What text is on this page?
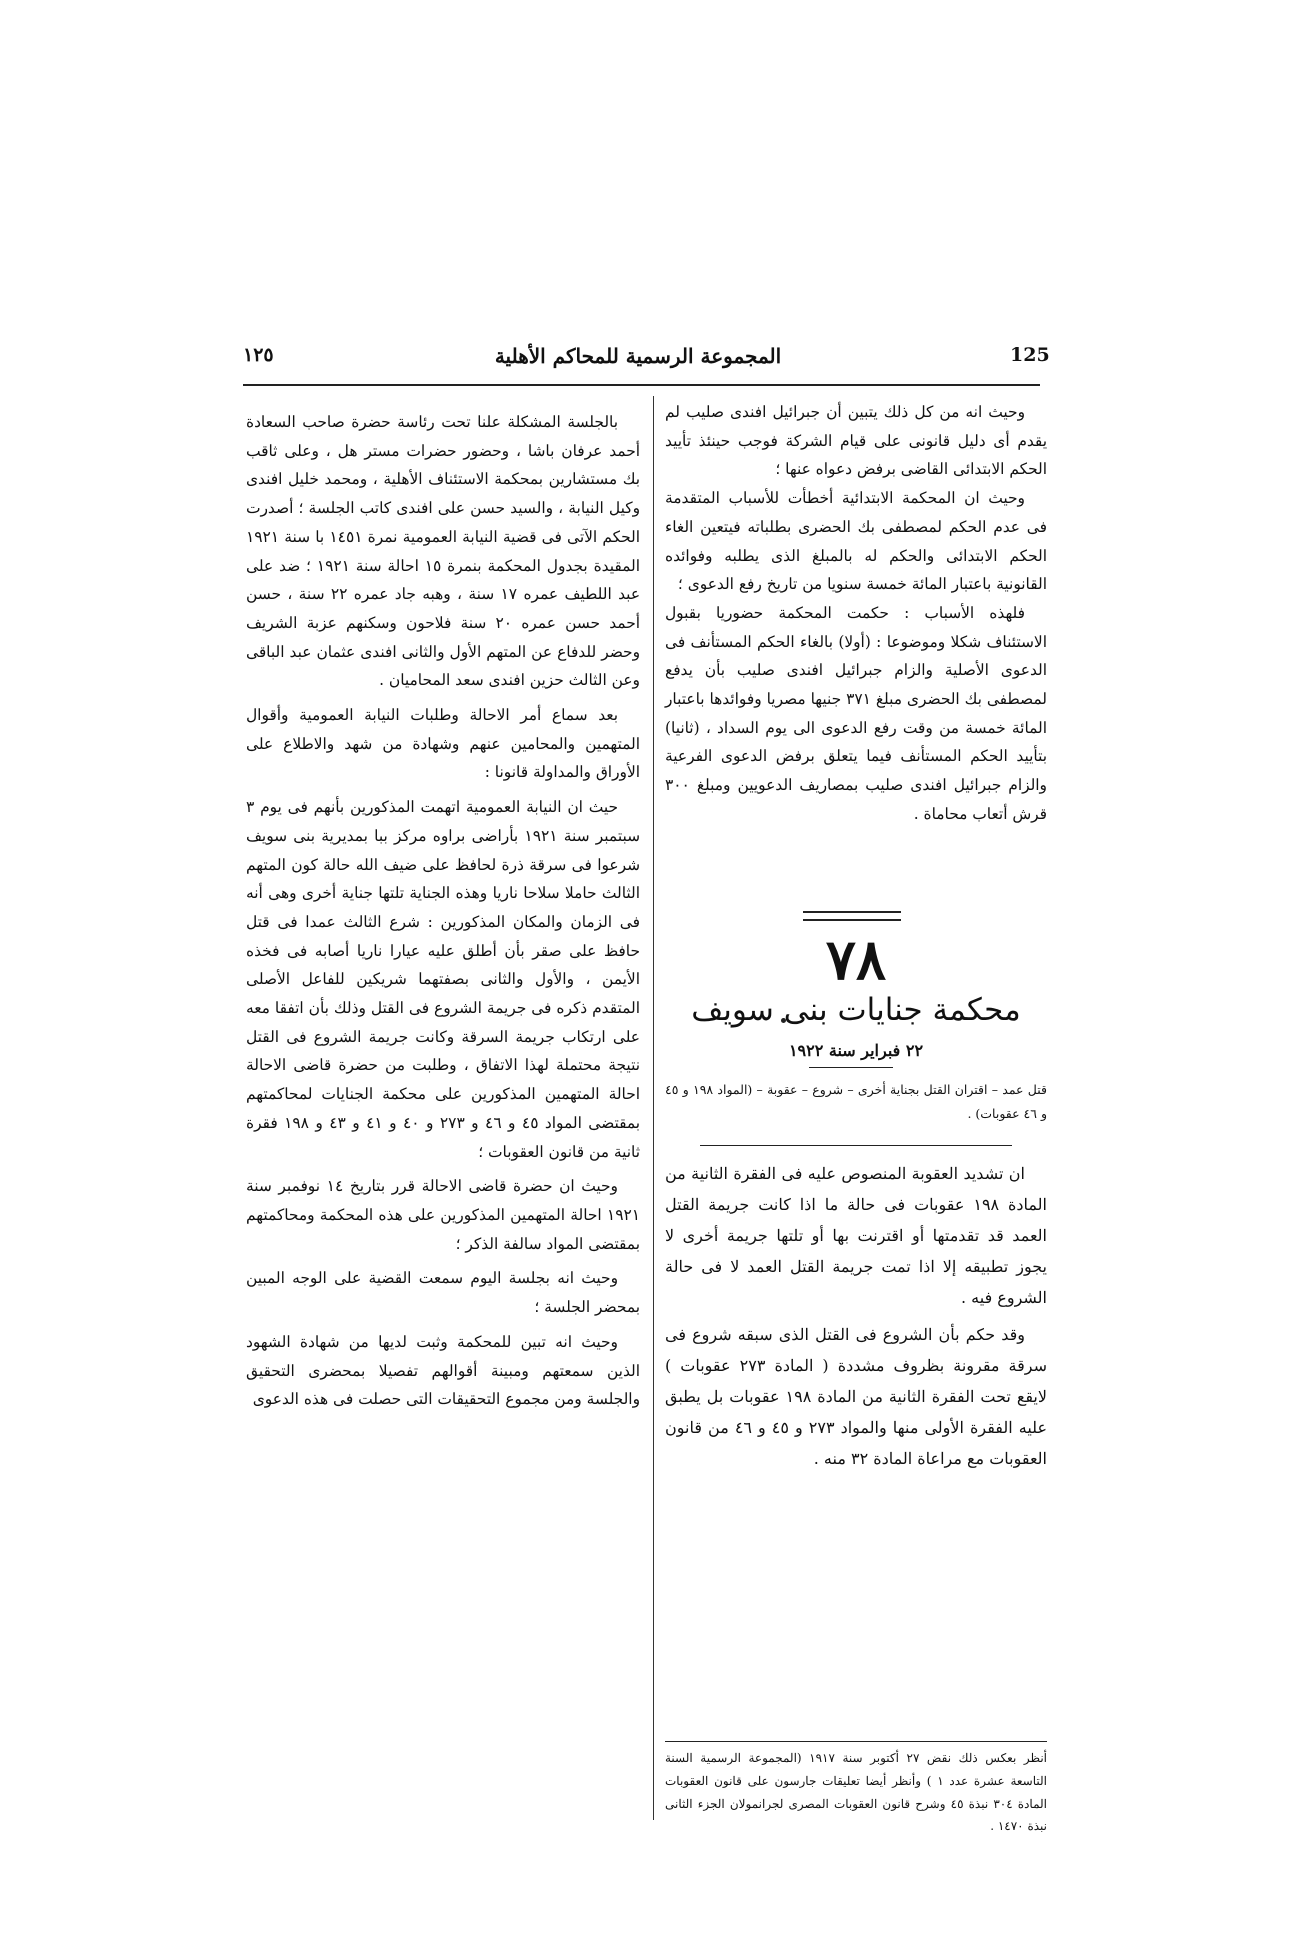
125
المجموعة الرسمية للمحاكم الأهلية
١٢٥

وحيث انه من كل ذلك يتبين أن جبرائيل افندى صليب لم يقدم أى دليل قانونى على قيام الشركة فوجب حينئذ تأييد الحكم الابتدائى القاضى برفض دعواه عنها ؛

وحيث ان المحكمة الابتدائية أخطأت للأسباب المتقدمة فى عدم الحكم لمصطفى بك الحضرى بطلباته فيتعين الغاء الحكم الابتدائى والحكم له بالمبلغ الذى يطلبه وفوائده القانونية باعتبار المائة خمسة سنويا من تاريخ رفع الدعوى ؛

فلهذه الأسباب : حكمت المحكمة حضوريا بقبول الاستئناف شكلا وموضوعا : (أولا) بالغاء الحكم المستأنف فى الدعوى الأصلية والزام جبرائيل افندى صليب بأن يدفع لمصطفى بك الحضرى مبلغ ٣٧١ جنيها مصريا وفوائدها باعتبار المائة خمسة من وقت رفع الدعوى الى يوم السداد ، (ثانيا) بتأييد الحكم المستأنف فيما يتعلق برفض الدعوى الفرعية والزام جبرائيل افندى صليب بمصاريف الدعويين ومبلغ ٣٠٠ قرش أتعاب محاماة .

٧٨
محكمة جنايات بنى سويف
٢٢ فبراير سنة ١٩٢٢
قتل عمد – اقتران القتل بجناية أخرى – شروع – عقوبة – (المواد ١٩٨ و ٤٥ و ٤٦ عقوبات) .

ان تشديد العقوبة المنصوص عليه فى الفقرة الثانية من المادة ١٩٨ عقوبات فى حالة ما اذا كانت جريمة القتل العمد قد تقدمتها أو اقترنت بها أو تلتها جريمة أخرى لا يجوز تطبيقه إلا اذا تمت جريمة القتل العمد لا فى حالة الشروع فيه .

وقد حكم بأن الشروع فى القتل الذى سبقه شروع فى سرقة مقرونة بظروف مشددة ( المادة ٢٧٣ عقوبات ) لايقع تحت الفقرة الثانية من المادة ١٩٨ عقوبات بل يطبق عليه الفقرة الأولى منها والمواد ٢٧٣ و ٤٥ و ٤٦ من قانون العقوبات مع مراعاة المادة ٣٢ منه .

أنظر بعكس ذلك نقض ٢٧ أكتوبر سنة ١٩١٧ (المجموعة الرسمية السنة التاسعة عشرة عدد ١ ) وأنظر أيضا تعليقات جارسون على قانون العقوبات المادة ٣٠٤ نبذة ٤٥ وشرح قانون العقوبات المصرى لجرانمولان الجزء الثانى نبذة ١٤٧٠ .

بالجلسة المشكلة علنا تحت رئاسة حضرة صاحب السعادة أحمد عرفان باشا ، وحضور حضرات مستر هل ، وعلى ثاقب بك مستشارين بمحكمة الاستئناف الأهلية ، ومحمد خليل افندى وكيل النيابة ، والسيد حسن على افندى كاتب الجلسة ؛ أصدرت الحكم الآتى فى قضية النيابة العمومية نمرة ١٤٥١ با سنة ١٩٢١ المقيدة بجدول المحكمة بنمرة ١٥ احالة سنة ١٩٢١ ؛ ضد على عبد اللطيف عمره ١٧ سنة ، وهبه جاد عمره ٢٢ سنة ، حسن أحمد حسن عمره ٢٠ سنة فلاحون وسكنهم عزبة الشريف وحضر للدفاع عن المتهم الأول والثانى افندى عثمان عبد الباقى وعن الثالث حزين افندى سعد المحاميان .

بعد سماع أمر الاحالة وطلبات النيابة العمومية وأقوال المتهمين والمحامين عنهم وشهادة من شهد والاطلاع على الأوراق والمداولة قانونا :

حيث ان النيابة العمومية اتهمت المذكورين بأنهم فى يوم ٣ سبتمبر سنة ١٩٢١ بأراضى براوه مركز ببا بمديرية بنى سويف شرعوا فى سرقة ذرة لحافظ على ضيف الله حالة كون المتهم الثالث حاملا سلاحا ناريا وهذه الجناية تلتها جناية أخرى وهى أنه فى الزمان والمكان المذكورين : شرع الثالث عمدا فى قتل حافظ على صقر بأن أطلق عليه عيارا ناريا أصابه فى فخذه الأيمن ، والأول والثانى بصفتهما شريكين للفاعل الأصلى المتقدم ذكره فى جريمة الشروع فى القتل وذلك بأن اتفقا معه على ارتكاب جريمة السرقة وكانت جريمة الشروع فى القتل نتيجة محتملة لهذا الاتفاق ، وطلبت من حضرة قاضى الاحالة احالة المتهمين المذكورين على محكمة الجنايات لمحاكمتهم بمقتضى المواد ٤٥ و ٤٦ و ٢٧٣ و ٤٠ و ٤١ و ٤٣ و ١٩٨ فقرة ثانية من قانون العقوبات ؛

وحيث ان حضرة قاضى الاحالة قرر بتاريخ ١٤ نوفمبر سنة ١٩٢١ احالة المتهمين المذكورين على هذه المحكمة ومحاكمتهم بمقتضى المواد سالفة الذكر ؛

وحيث انه بجلسة اليوم سمعت القضية على الوجه المبين بمحضر الجلسة ؛

وحيث انه تبين للمحكمة وثبت لديها من شهادة الشهود الذين سمعتهم ومبينة أقوالهم تفصيلا بمحضرى التحقيق والجلسة ومن مجموع التحقيقات التى حصلت فى هذه الدعوى
